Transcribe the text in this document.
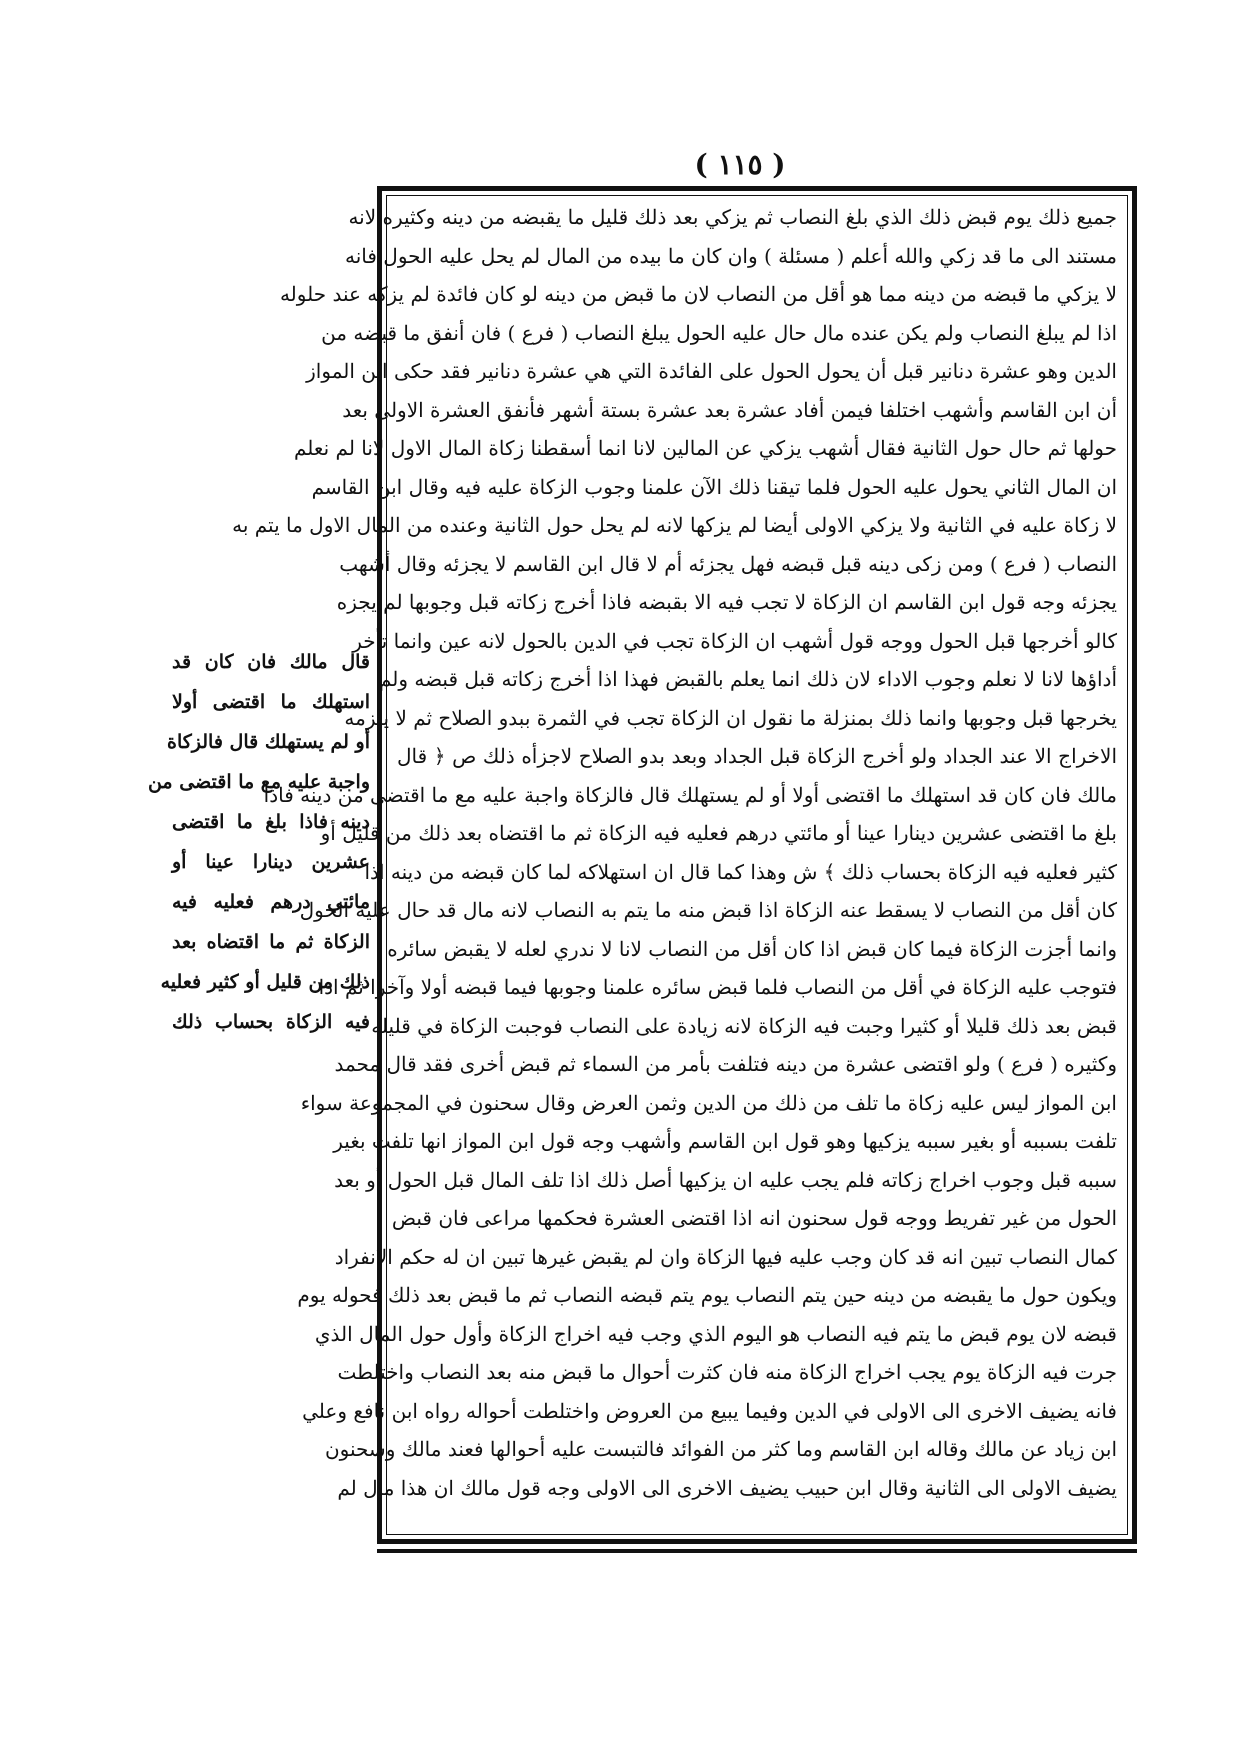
( ١١٥ )
قال مالك فان كان قد
استهلك ما اقتضى أولا
أو لم يستهلك قال فالزكاة
واجبة عليه مع ما اقتضى من
دينه فاذا بلغ ما اقتضى
عشرين دينارا عينا أو
مائتي درهم فعليه فيه
الزكاة ثم ما اقتضاه بعد
ذلك من قليل أو كثير فعليه
فيه الزكاة بحساب ذلك
جميع ذلك يوم قبض ذلك الذي بلغ النصاب ثم يزكي بعد ذلك قليل ما يقبضه من دينه وكثيره لانه
مستند الى ما قد زكي والله أعلم ( مسئلة ) وان كان ما بيده من المال لم يحل عليه الحول فانه
لا يزكي ما قبضه من دينه مما هو أقل من النصاب لان ما قبض من دينه لو كان فائدة لم يزكه عند حلوله
اذا لم يبلغ النصاب ولم يكن عنده مال حال عليه الحول يبلغ النصاب ( فرع ) فان أنفق ما قبضه من
الدين وهو عشرة دنانير قبل أن يحول الحول على الفائدة التي هي عشرة دنانير فقد حكى ابن المواز
أن ابن القاسم وأشهب اختلفا فيمن أفاد عشرة بعد عشرة بستة أشهر فأنفق العشرة الاولى بعد
حولها ثم حال حول الثانية فقال أشهب يزكي عن المالين لانا انما أسقطنا زكاة المال الاول لانا لم نعلم
ان المال الثاني يحول عليه الحول فلما تيقنا ذلك الآن علمنا وجوب الزكاة عليه فيه وقال ابن القاسم
لا زكاة عليه في الثانية ولا يزكي الاولى أيضا لم يزكها لانه لم يحل حول الثانية وعنده من المال الاول ما يتم به
النصاب ( فرع ) ومن زكى دينه قبل قبضه فهل يجزئه أم لا قال ابن القاسم لا يجزئه وقال أشهب
يجزئه وجه قول ابن القاسم ان الزكاة لا تجب فيه الا بقبضه فاذا أخرج زكاته قبل وجوبها لم يجزه
كالو أخرجها قبل الحول ووجه قول أشهب ان الزكاة تجب في الدين بالحول لانه عين وانما تأخر
أداؤها لانا لا نعلم وجوب الاداء لان ذلك انما يعلم بالقبض فهذا اذا أخرج زكاته قبل قبضه ولم
يخرجها قبل وجوبها وانما ذلك بمنزلة ما نقول ان الزكاة تجب في الثمرة ببدو الصلاح ثم لا يلزمه
الاخراج الا عند الجداد ولو أخرج الزكاة قبل الجداد وبعد بدو الصلاح لاجزأه ذلك ص ﴿ قال
مالك فان كان قد استهلك ما اقتضى أولا أو لم يستهلك قال فالزكاة واجبة عليه مع ما اقتضى من دينه فاذا
بلغ ما اقتضى عشرين دينارا عينا أو مائتي درهم فعليه فيه الزكاة ثم ما اقتضاه بعد ذلك من قليل أو
كثير فعليه فيه الزكاة بحساب ذلك ﴾ ش وهذا كما قال ان استهلاكه لما كان قبضه من دينه اذا
كان أقل من النصاب لا يسقط عنه الزكاة اذا قبض منه ما يتم به النصاب لانه مال قد حال عليه الحول
وانما أجزت الزكاة فيما كان قبض اذا كان أقل من النصاب لانا لا ندري لعله لا يقبض سائره
فتوجب عليه الزكاة في أقل من النصاب فلما قبض سائره علمنا وجوبها فيما قبضه أولا وآخرا ثم اذا
قبض بعد ذلك قليلا أو كثيرا وجبت فيه الزكاة لانه زيادة على النصاب فوجبت الزكاة في قليله
وكثيره ( فرع ) ولو اقتضى عشرة من دينه فتلفت بأمر من السماء ثم قبض أخرى فقد قال محمد
ابن المواز ليس عليه زكاة ما تلف من ذلك من الدين وثمن العرض وقال سحنون في المجموعة سواء
تلفت بسببه أو بغير سببه يزكيها وهو قول ابن القاسم وأشهب وجه قول ابن المواز انها تلفت بغير
سببه قبل وجوب اخراج زكاته فلم يجب عليه ان يزكيها أصل ذلك اذا تلف المال قبل الحول أو بعد
الحول من غير تفريط ووجه قول سحنون انه اذا اقتضى العشرة فحكمها مراعى فان قبض
كمال النصاب تبين انه قد كان وجب عليه فيها الزكاة وان لم يقبض غيرها تبين ان له حكم الانفراد
ويكون حول ما يقبضه من دينه حين يتم النصاب يوم يتم قبضه النصاب ثم ما قبض بعد ذلك فحوله يوم
قبضه لان يوم قبض ما يتم فيه النصاب هو اليوم الذي وجب فيه اخراج الزكاة وأول حول المال الذي
جرت فيه الزكاة يوم يجب اخراج الزكاة منه فان كثرت أحوال ما قبض منه بعد النصاب واختلطت
فانه يضيف الاخرى الى الاولى في الدين وفيما يبيع من العروض واختلطت أحواله رواه ابن نافع وعلي
ابن زياد عن مالك وقاله ابن القاسم وما كثر من الفوائد فالتبست عليه أحوالها فعند مالك وسحنون
يضيف الاولى الى الثانية وقال ابن حبيب يضيف الاخرى الى الاولى وجه قول مالك ان هذا مال لم
